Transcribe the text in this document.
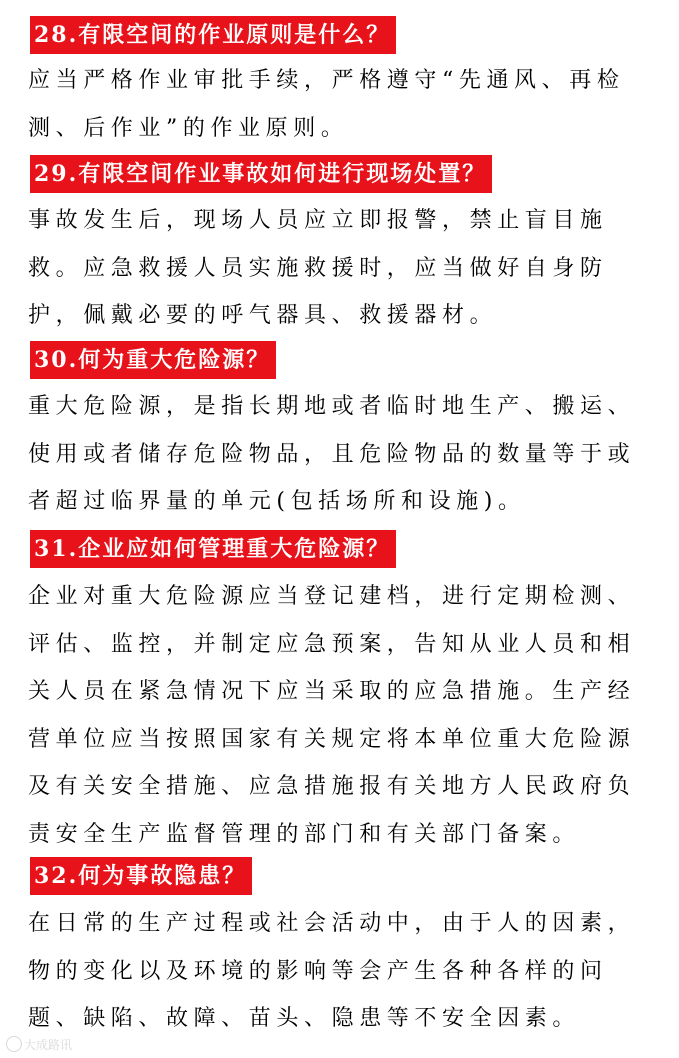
28.有限空间的作业原则是什么？
应当严格作业审批手续，严格遵守“先通风、再检测、后作业”的作业原则。
29.有限空间作业事故如何进行现场处置？
事故发生后，现场人员应立即报警，禁止盲目施救。应急救援人员实施救援时，应当做好自身防护，佩戴必要的呼气器具、救援器材。
30.何为重大危险源？
重大危险源，是指长期地或者临时地生产、搬运、使用或者储存危险物品，且危险物品的数量等于或者超过临界量的单元(包括场所和设施)。
31.企业应如何管理重大危险源？
企业对重大危险源应当登记建档，进行定期检测、评估、监控，并制定应急预案，告知从业人员和相关人员在紧急情况下应当采取的应急措施。生产经营单位应当按照国家有关规定将本单位重大危险源及有关安全措施、应急措施报有关地方人民政府负责安全生产监督管理的部门和有关部门备案。
32.何为事故隐患？
在日常的生产过程或社会活动中，由于人的因素，物的变化以及环境的影响等会产生各种各样的问题、缺陷、故障、苗头、隐患等不安全因素。
大成路讯
